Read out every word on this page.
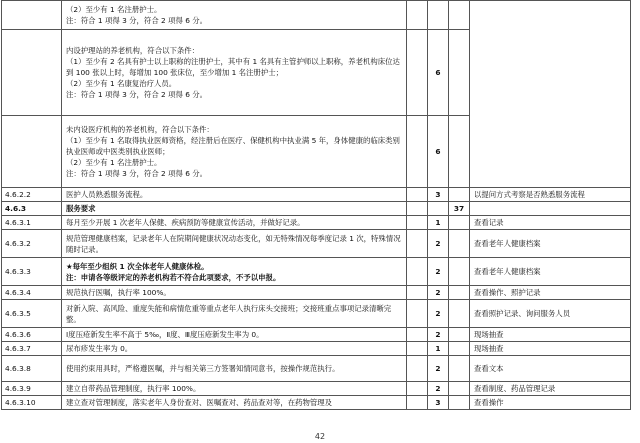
	（2）至少有 1 名注册护士。
注：符合 1 项得 3 分，符合 2 项得 6 分。				

	内设护理站的养老机构，符合以下条件：
（1）至少有 2 名具有护士以上职称的注册护士，其中有 1 名具有主管护师以上职称，养老机构床位达到 100 张以上时，每增加 100 张床位，至少增加 1 名注册护士；
（2）至少有 1 名康复治疗人员。
注：符合 1 项得 3 分，符合 2 项得 6 分。		6		

	未内设医疗机构的养老机构，符合以下条件：
（1）至少有 1 名取得执业医师资格，经注册后在医疗、保健机构中执业满 5 年，身体健康的临床类别执业医师或中医类别执业医师；
（2）至少有 1 名注册护士。
注：符合 1 项得 3 分，符合 2 项得 6 分。		6		
4.6.2.2	医护人员熟悉服务流程。		3		以提问方式考察是否熟悉服务流程
4.6.3	服务要求			37	
4.6.3.1	每月至少开展 1 次老年人保健、疾病预防等健康宣传活动，并做好记录。		1		查看记录
4.6.3.2	规范管理健康档案，记录老年人在院期间健康状况动态变化，如无特殊情况每季度记录 1 次，特殊情况随时记录。		2		查看老年人健康档案
4.6.3.3	★每年至少组织 1 次全体老年人健康体检。
注：申请各等级评定的养老机构若不符合此项要求，不予以申报。		2		查看老年人健康档案
4.6.3.4	规范执行医嘱，执行率 100%。		2		查看操作、照护记录
4.6.3.5	对新入院、高风险、重度失能和病情危重等重点老年人执行床头交接班；交接班重点事项记录清晰完整。		2		查看照护记录、询问服务人员
4.6.3.6	Ⅰ度压疮新发生率不高于 5‰，Ⅱ度、Ⅲ度压疮新发生率为 0。		2		现场抽查
4.6.3.7	尿布疹发生率为 0。		1		现场抽查
4.6.3.8	使用约束用具时，严格遵医嘱，并与相关第三方签署知情同意书，按操作规范执行。		2		查看文本
4.6.3.9	建立自带药品管理制度，执行率 100%。		2		查看制度、药品管理记录
4.6.3.10	建立查对管理制度，落实老年人身份查对、医嘱查对、药品查对等，在药物管理及		3		查看操作
42
